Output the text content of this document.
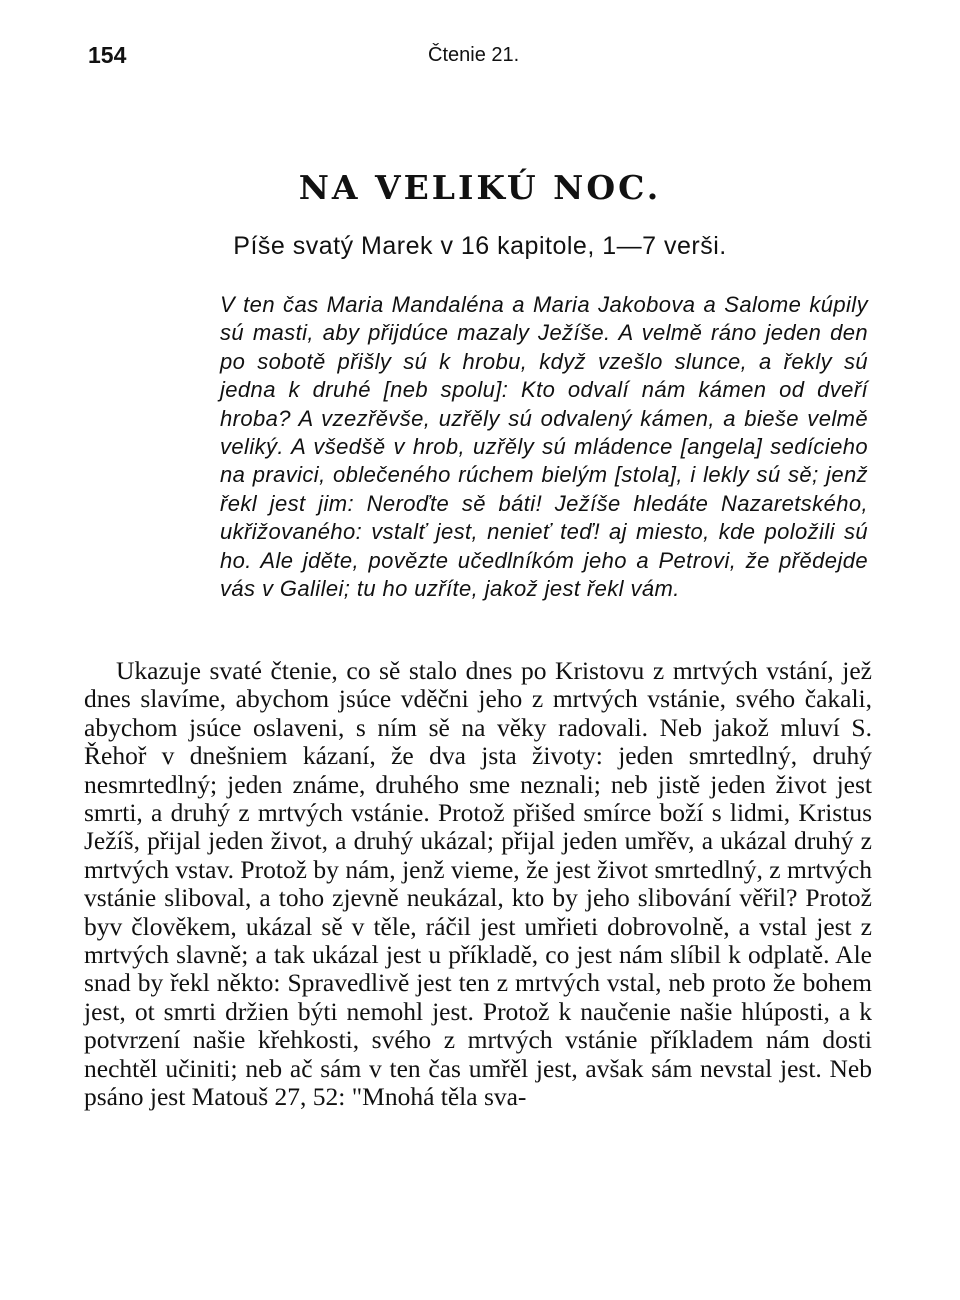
154	Čtenie 21.
NA VELIKÚ NOC.
Píše svatý Marek v 16 kapitole, 1—7 verši.

V ten čas Maria Mandaléna a Maria Jakobova a Salome kúpily sú masti, aby přijdúce mazaly Ježíše. A velmě ráno jeden den po sobotě přišly sú k hrobu, když vzešlo slunce, a řekly sú jedna k druhé [neb spolu]: Kto odvalí nám kámen od dveří hroba? A vzezřěvše, uzřěly sú odvalený kámen, a bieše velmě veliký. A všedšě v hrob, uzřěly sú mládence [angela] sedícieho na pravici, oblečeného rúchem bielým [stola], i lekly sú sě; jenž řekl jest jim: Neroďte sě báti! Ježíše hledáte Nazaretského, ukřižovaného: vstalť jest, nenieť teď! aj miesto, kde položili sú ho. Ale jděte, povězte učedlníkóm jeho a Petrovi, že přědejde vás v Galilei; tu ho uzříte, jakož jest řekl vám.

Ukazuje svaté čtenie, co sě stalo dnes po Kristovu z mrtvých vstání, jež dnes slavíme, abychom jsúce vděčni jeho z mrtvých vstánie, svého čakali, abychom jsúce oslaveni, s ním sě na věky radovali. Neb jakož mluví S. Řehoř v dnešniem kázaní, že dva jsta životy: jeden smrtedlný, druhý nesmrtedlný; jeden známe, druhého sme neznali; neb jistě jeden život jest smrti, a druhý z mrtvých vstánie. Protož přišed smírce boží s lidmi, Kristus Ježíš, přijal jeden život, a druhý ukázal; přijal jeden umřěv, a ukázal druhý z mrtvých vstav. Protož by nám, jenž vieme, že jest život smrtedlný, z mrtvých vstánie sliboval, a toho zjevně neukázal, kto by jeho slibování věřil? Protož byv člověkem, ukázal sě v těle, ráčil jest umřieti dobrovolně, a vstal jest z mrtvých slavně; a tak ukázal jest u příkladě, co jest nám slíbil k odplatě. Ale snad by řekl někto: Spravedlivě jest ten z mrtvých vstal, neb proto že bohem jest, ot smrti držien býti nemohl jest. Protož k naučenie našie hlúposti, a k potvrzení našie křehkosti, svého z mrtvých vstánie příkladem nám dosti nechtěl učiniti; neb ač sám v ten čas umřěl jest, avšak sám nevstal jest. Neb psáno jest Matouš 27, 52: "Mnohá těla sva-
